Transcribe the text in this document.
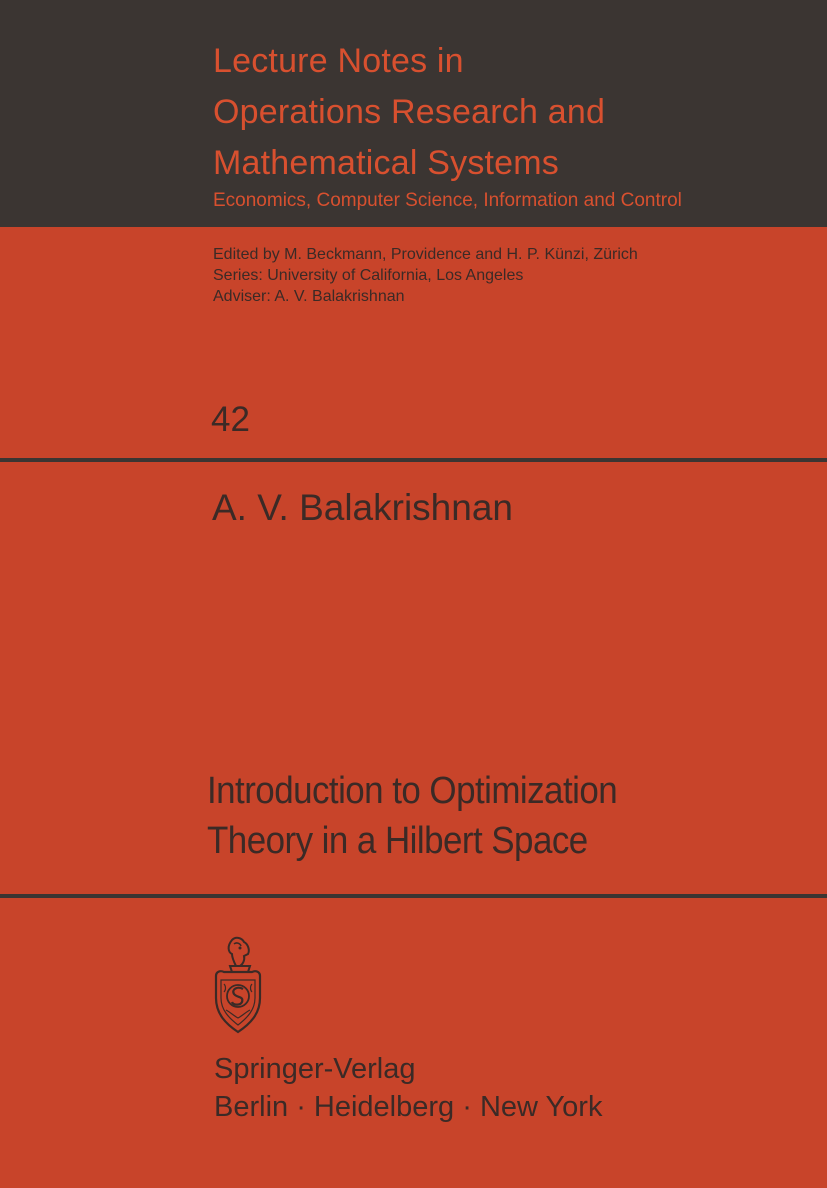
Lecture Notes in
Operations Research and
Mathematical Systems

Economics, Computer Science, Information and Control

Edited by M. Beckmann, Providence and H. P. Künzi, Zürich
Series: University of California, Los Angeles
Adviser: A. V. Balakrishnan
42
A. V. Balakrishnan
Introduction to Optimization
Theory in a Hilbert Space
Springer-Verlag
Berlin · Heidelberg · New York
